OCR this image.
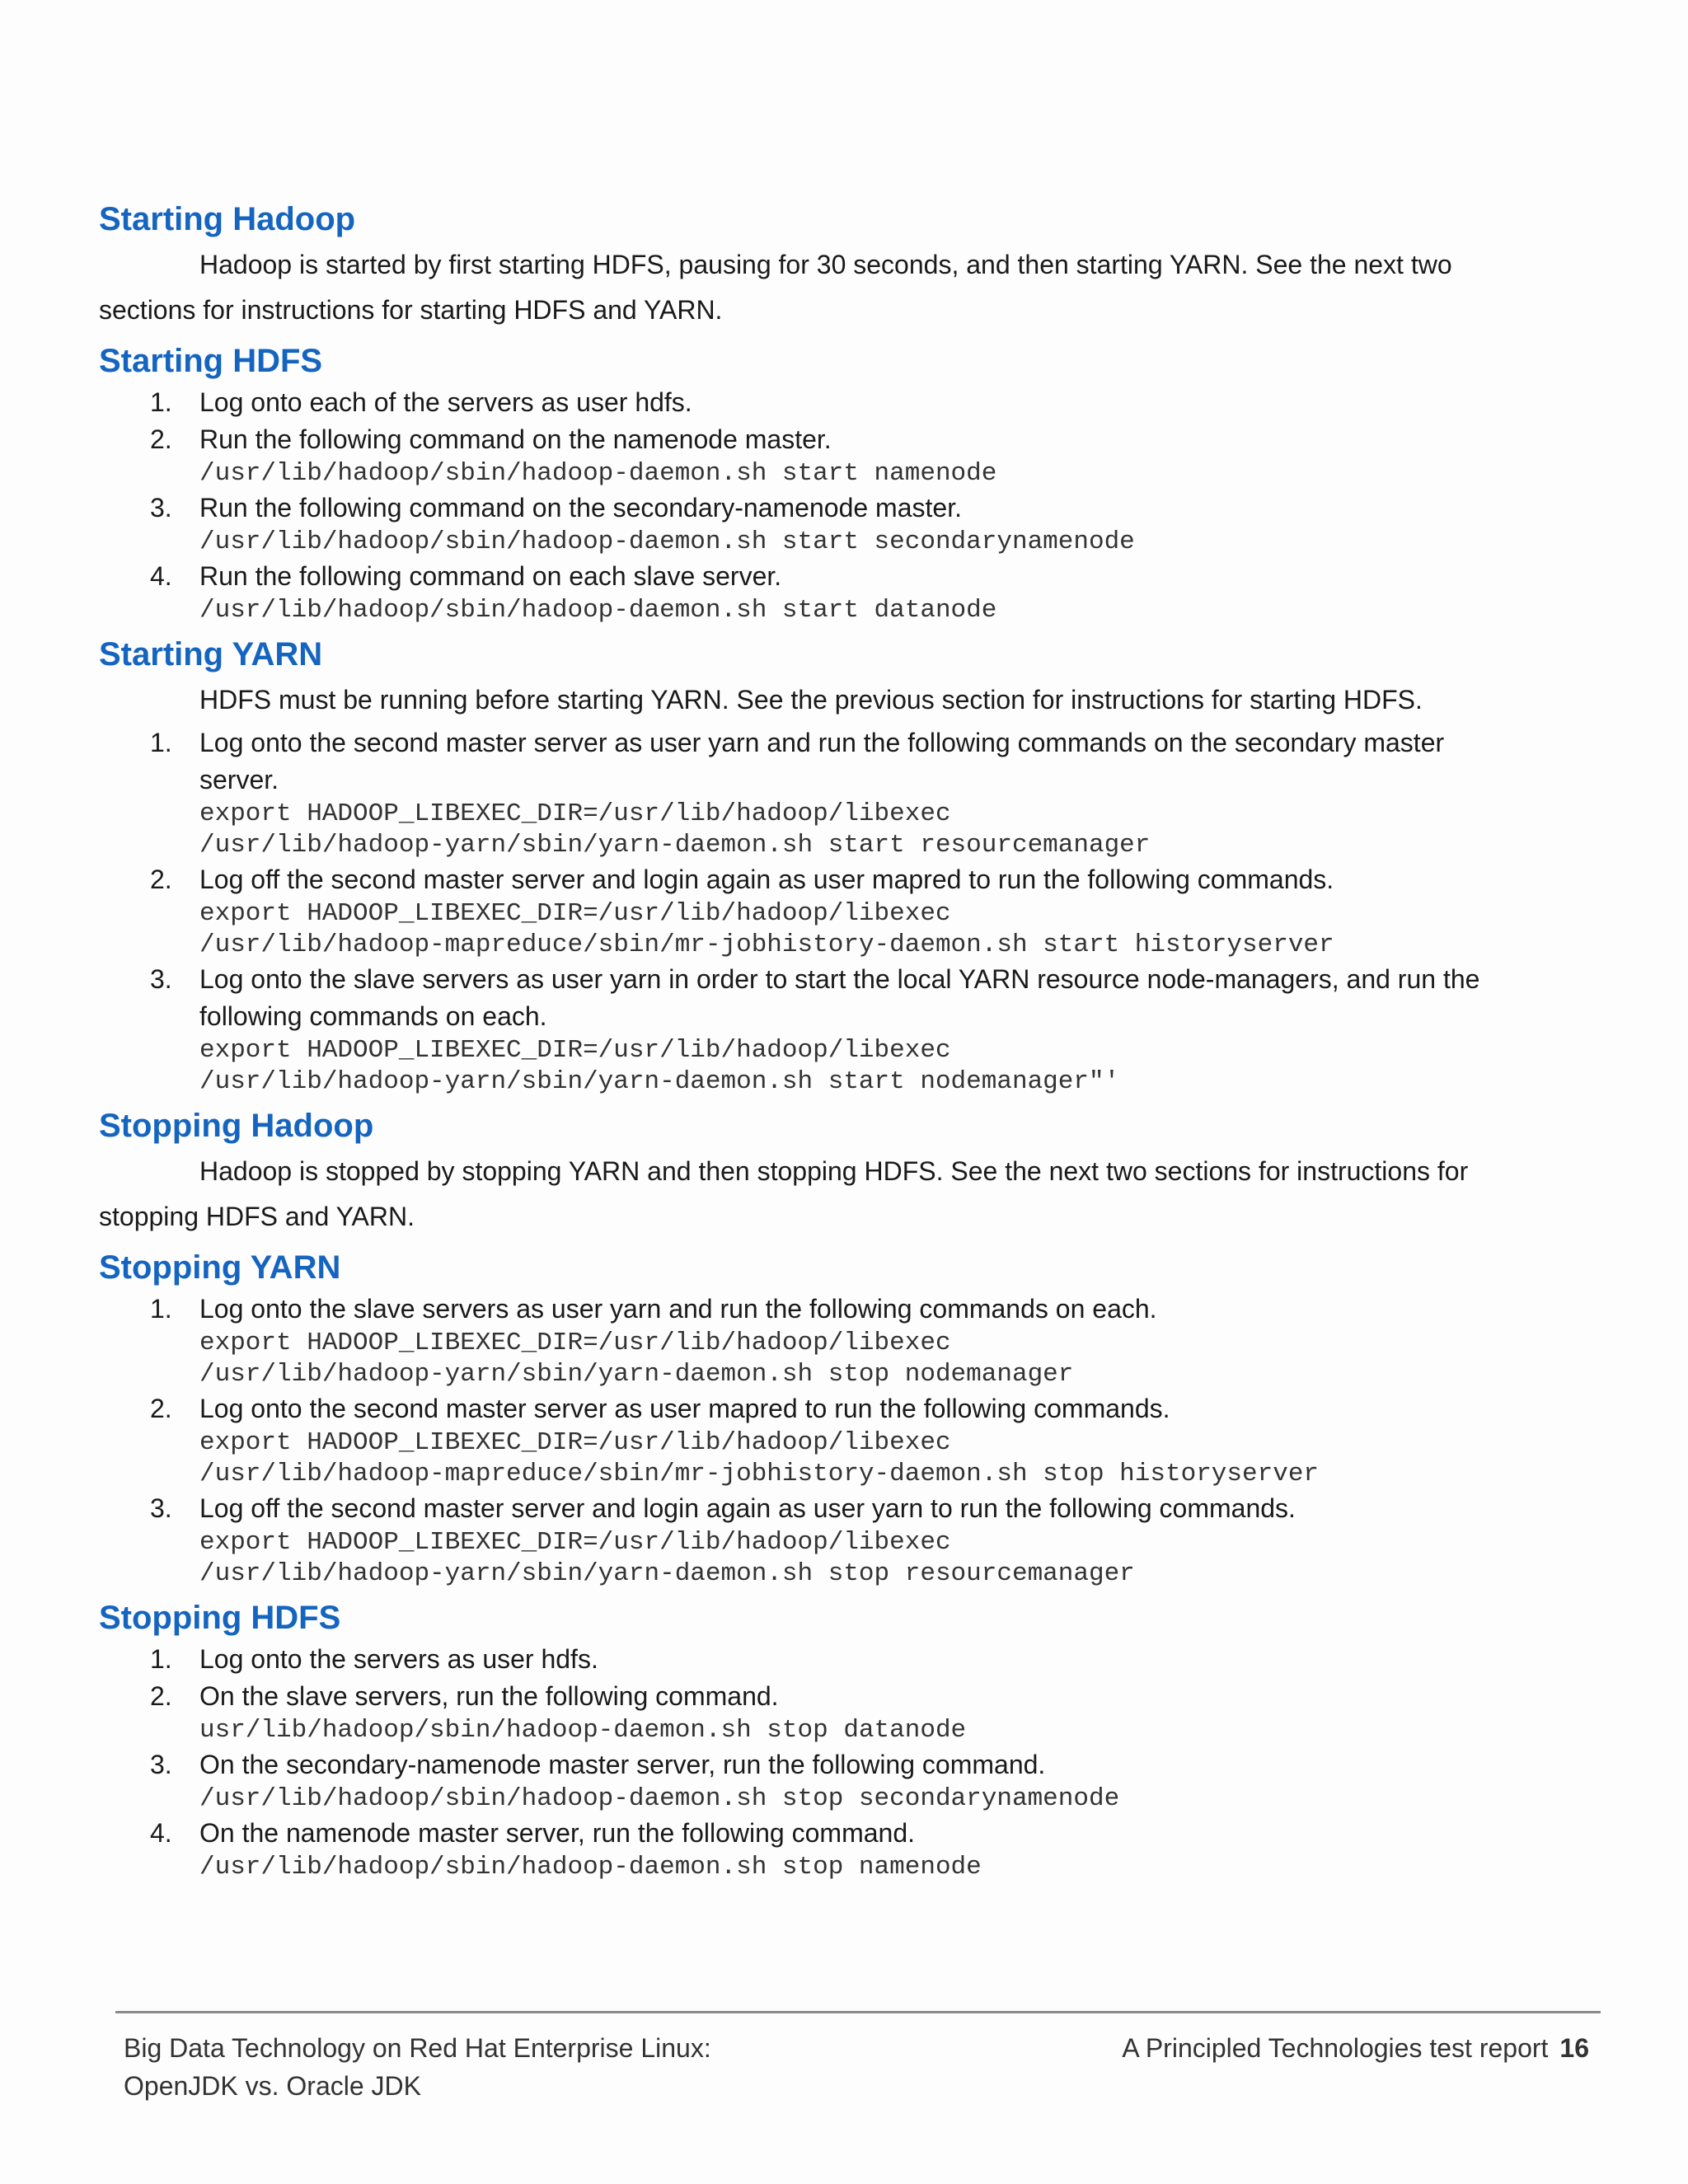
Starting Hadoop

Hadoop is started by first starting HDFS, pausing for 30 seconds, and then starting YARN. See the next two
sections for instructions for starting HDFS and YARN.

Starting HDFS
1.	Log onto each of the servers as user hdfs.
2.	Run the following command on the namenode master.
/usr/lib/hadoop/sbin/hadoop-daemon.sh start namenode
3.	Run the following command on the secondary-namenode master.
/usr/lib/hadoop/sbin/hadoop-daemon.sh start secondarynamenode
4.	Run the following command on each slave server.
/usr/lib/hadoop/sbin/hadoop-daemon.sh start datanode
Starting YARN

HDFS must be running before starting YARN. See the previous section for instructions for starting HDFS.

1.	Log onto the second master server as user yarn and run the following commands on the secondary master
server.
export HADOOP_LIBEXEC_DIR=/usr/lib/hadoop/libexec
/usr/lib/hadoop-yarn/sbin/yarn-daemon.sh start resourcemanager
2.	Log off the second master server and login again as user mapred to run the following commands.
export HADOOP_LIBEXEC_DIR=/usr/lib/hadoop/libexec
/usr/lib/hadoop-mapreduce/sbin/mr-jobhistory-daemon.sh start historyserver
3.	Log onto the slave servers as user yarn in order to start the local YARN resource node-managers, and run the
following commands on each.
export HADOOP_LIBEXEC_DIR=/usr/lib/hadoop/libexec
/usr/lib/hadoop-yarn/sbin/yarn-daemon.sh start nodemanager"'
Stopping Hadoop

Hadoop is stopped by stopping YARN and then stopping HDFS. See the next two sections for instructions for
stopping HDFS and YARN.

Stopping YARN
1.	Log onto the slave servers as user yarn and run the following commands on each.
export HADOOP_LIBEXEC_DIR=/usr/lib/hadoop/libexec
/usr/lib/hadoop-yarn/sbin/yarn-daemon.sh stop nodemanager
2.	Log onto the second master server as user mapred to run the following commands.
export HADOOP_LIBEXEC_DIR=/usr/lib/hadoop/libexec
/usr/lib/hadoop-mapreduce/sbin/mr-jobhistory-daemon.sh stop historyserver
3.	Log off the second master server and login again as user yarn to run the following commands.
export HADOOP_LIBEXEC_DIR=/usr/lib/hadoop/libexec
/usr/lib/hadoop-yarn/sbin/yarn-daemon.sh stop resourcemanager
Stopping HDFS
1.	Log onto the servers as user hdfs.
2.	On the slave servers, run the following command.
usr/lib/hadoop/sbin/hadoop-daemon.sh stop datanode
3.	On the secondary-namenode master server, run the following command.
/usr/lib/hadoop/sbin/hadoop-daemon.sh stop secondarynamenode
4.	On the namenode master server, run the following command.
/usr/lib/hadoop/sbin/hadoop-daemon.sh stop namenode
Big Data Technology on Red Hat Enterprise Linux:
OpenJDK vs. Oracle JDK
A Principled Technologies test report 16
